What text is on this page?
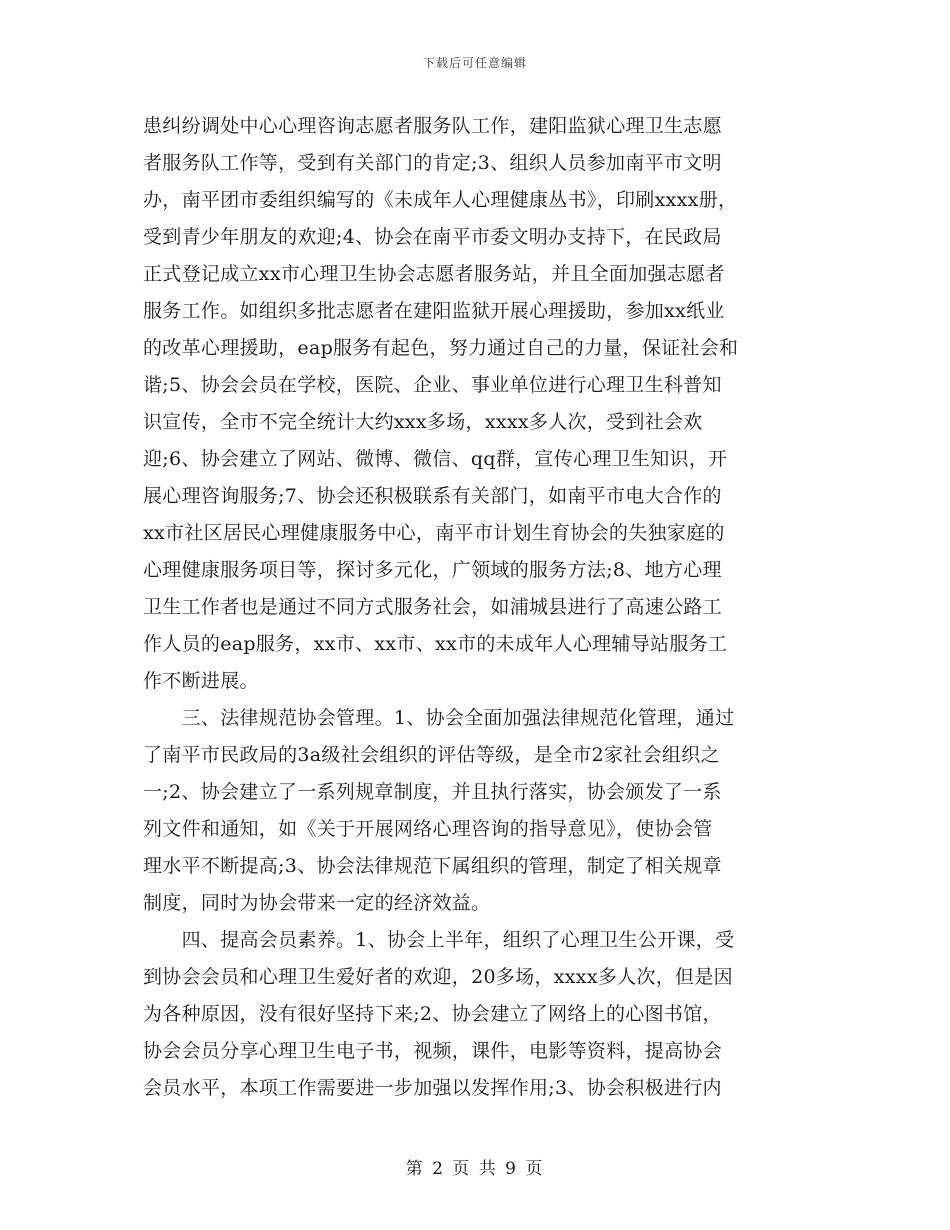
下载后可任意编辑
患纠纷调处中心心理咨询志愿者服务队工作，建阳监狱心理卫生志愿
者服务队工作等，受到有关部门的肯定;3、组织人员参加南平市文明
办，南平团市委组织编写的《未成年人心理健康丛书》，印刷xxxx册，
受到青少年朋友的欢迎;4、协会在南平市委文明办支持下，在民政局
正式登记成立xx市心理卫生协会志愿者服务站，并且全面加强志愿者
服务工作。如组织多批志愿者在建阳监狱开展心理援助，参加xx纸业
的改革心理援助，eap服务有起色，努力通过自己的力量，保证社会和
谐;5、协会会员在学校，医院、企业、事业单位进行心理卫生科普知
识宣传，全市不完全统计大约xxx多场，xxxx多人次，受到社会欢
迎;6、协会建立了网站、微博、微信、qq群，宣传心理卫生知识，开
展心理咨询服务;7、协会还积极联系有关部门，如南平市电大合作的
xx市社区居民心理健康服务中心，南平市计划生育协会的失独家庭的
心理健康服务项目等，探讨多元化，广领域的服务方法;8、地方心理
卫生工作者也是通过不同方式服务社会，如浦城县进行了高速公路工
作人员的eap服务，xx市、xx市、xx市的未成年人心理辅导站服务工
作不断进展。
　　三、法律规范协会管理。1、协会全面加强法律规范化管理，通过
了南平市民政局的3a级社会组织的评估等级，是全市2家社会组织之
一;2、协会建立了一系列规章制度，并且执行落实，协会颁发了一系
列文件和通知，如《关于开展网络心理咨询的指导意见》，使协会管
理水平不断提高;3、协会法律规范下属组织的管理，制定了相关规章
制度，同时为协会带来一定的经济效益。
　　四、提高会员素养。1、协会上半年，组织了心理卫生公开课，受
到协会会员和心理卫生爱好者的欢迎，20多场，xxxx多人次，但是因
为各种原因，没有很好坚持下来;2、协会建立了网络上的心图书馆，
协会会员分享心理卫生电子书，视频，课件，电影等资料，提高协会
会员水平，本项工作需要进一步加强以发挥作用;3、协会积极进行内
第 2 页 共 9 页
